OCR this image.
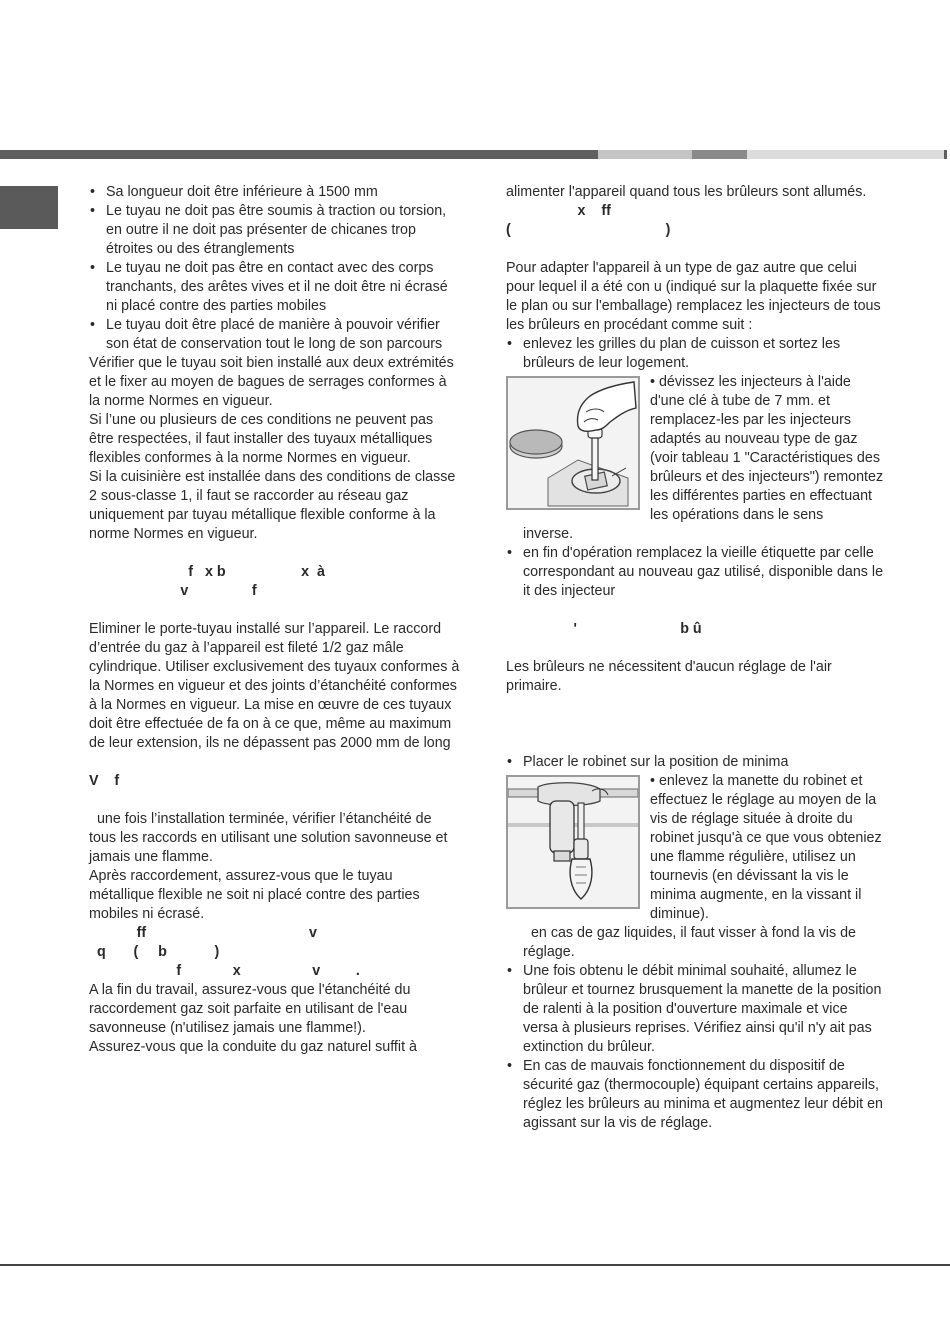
• Sa longueur doit être inférieure à 1500 mm

• Le tuyau ne doit pas être soumis à traction ou torsion, en outre il ne doit pas présenter de chicanes trop étroites ou des étranglements

• Le tuyau ne doit pas être en contact avec des corps tranchants, des arêtes vives et il ne doit être ni écrasé ni placé contre des parties mobiles

• Le tuyau doit être placé de manière à pouvoir vérifier son état de conservation tout le long de son parcours

Vérifier que le tuyau soit bien installé aux deux extrémités et le fixer au moyen de bagues de serrages conformes à la norme Normes en vigueur.

Si l’une ou plusieurs de ces conditions ne peuvent pas être respectées, il faut installer des tuyaux métalliques flexibles conformes à la norme Normes en vigueur.

Si la cuisinière est installée dans des conditions de classe 2 sous-classe 1, il faut se raccorder au réseau gaz uniquement par tuyau métallique flexible conforme à la norme Normes en vigueur.

f   x b                   x  à

v                f

Eliminer le porte-tuyau installé sur l’appareil. Le raccord d’entrée du gaz à l’appareil est fileté 1/2 gaz mâle cylindrique. Utiliser exclusivement des tuyaux conformes à la Normes en vigueur et des joints d’étanchéité conformes à la Normes en vigueur. La mise en œuvre de ces tuyaux doit être effectuée de fa on à ce que, même au maximum de leur extension, ils ne dépassent pas 2000 mm de long

V    f

une fois l’installation terminée, vérifier l’étanchéité de tous les raccords en utilisant une solution savonneuse et jamais une flamme.

Après raccordement, assurez-vous que le tuyau métallique flexible ne soit ni placé contre des parties mobiles ni écrasé.

ff                                         v

q       (     b            )

f             x                  v         .

A la fin du travail, assurez-vous que l'étanchéité du raccordement gaz soit parfaite en utilisant de l'eau savonneuse (n'utilisez jamais une flamme!).

Assurez-vous que la conduite du gaz naturel suffit à

alimenter l'appareil quand tous les brûleurs sont allumés.

x    ff

(                                       )

Pour adapter l'appareil à un type de gaz autre que celui pour lequel il a été con u (indiqué sur la plaquette fixée sur le plan ou sur l'emballage) remplacez les injecteurs de tous les brûleurs en procédant comme suit :

• enlevez les grilles du plan de cuisson et sortez les brûleurs de leur logement.

• dévissez les injecteurs à l'aide d'une clé à tube de 7 mm. et remplacez-les par les injecteurs adaptés au nouveau type de gaz (voir tableau 1 "Caractéristiques des brûleurs et des injecteurs") remontez les différentes parties en effectuant les opérations dans le sens

inverse.

• en fin d'opération remplacez la vieille étiquette par celle correspondant au nouveau gaz utilisé, disponible dans le it des injecteur

'                          b û

Les brûleurs ne nécessitent d'aucun réglage de l'air primaire.

• Placer le robinet sur la position de minima

• enlevez la manette du robinet et effectuez le réglage au moyen de la vis de réglage située à droite du robinet jusqu'à ce que vous obteniez une flamme régulière, utilisez un tournevis (en dévissant la vis le minima augmente, en la vissant il diminue).

en cas de gaz liquides, il faut visser à fond la vis de réglage.

• Une fois obtenu le débit minimal souhaité, allumez le brûleur et tournez brusquement la manette de la position de ralenti à la position d'ouverture maximale et vice versa à plusieurs reprises. Vérifiez ainsi qu'il n'y ait pas extinction du brûleur.

• En cas de mauvais fonctionnement du dispositif de sécurité gaz (thermocouple) équipant certains appareils, réglez les brûleurs au minima et augmentez leur débit en agissant sur la vis de réglage.
